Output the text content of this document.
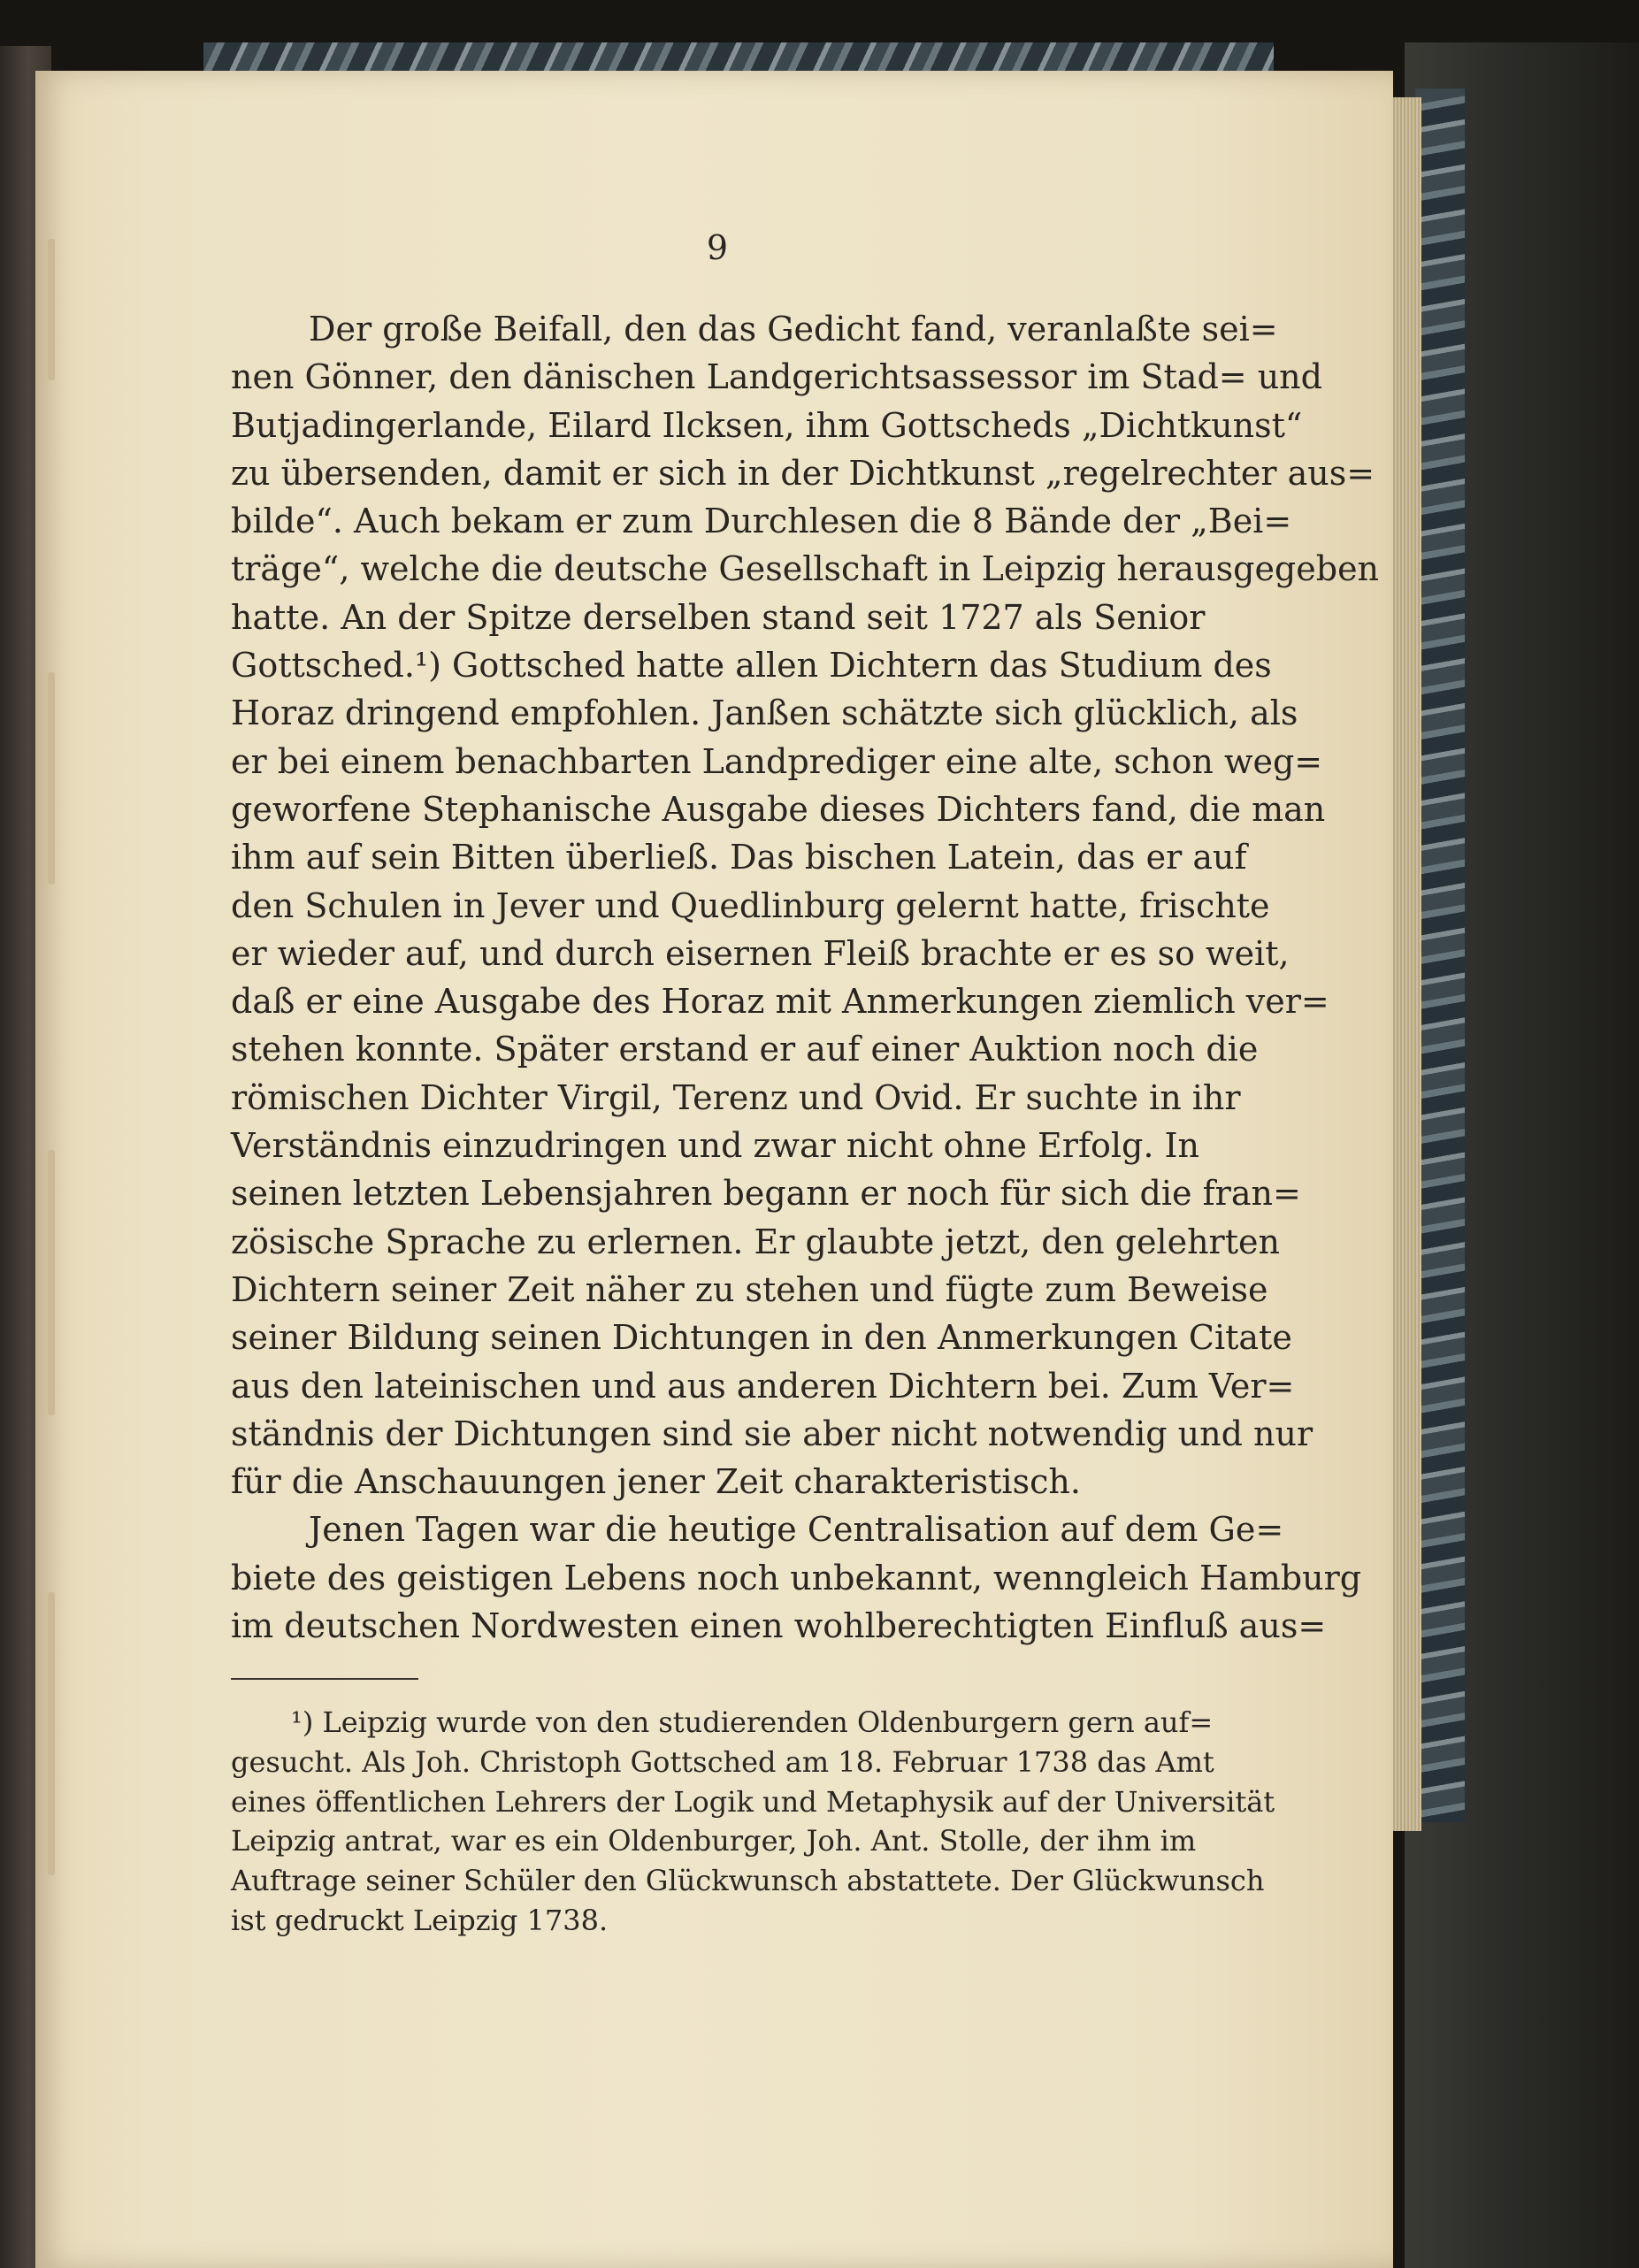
9
Der große Beifall, den das Gedicht fand, veranlaßte sei=
nen Gönner, den dänischen Landgerichtsassessor im Stad= und
Butjadingerlande, Eilard Ilcksen, ihm Gottscheds „Dichtkunst“
zu übersenden, damit er sich in der Dichtkunst „regelrechter aus=
bilde“. Auch bekam er zum Durchlesen die 8 Bände der „Bei=
träge“, welche die deutsche Gesellschaft in Leipzig herausgegeben
hatte. An der Spitze derselben stand seit 1727 als Senior
Gottsched.¹) Gottsched hatte allen Dichtern das Studium des
Horaz dringend empfohlen. Janßen schätzte sich glücklich, als
er bei einem benachbarten Landprediger eine alte, schon weg=
geworfene Stephanische Ausgabe dieses Dichters fand, die man
ihm auf sein Bitten überließ. Das bischen Latein, das er auf
den Schulen in Jever und Quedlinburg gelernt hatte, frischte
er wieder auf, und durch eisernen Fleiß brachte er es so weit,
daß er eine Ausgabe des Horaz mit Anmerkungen ziemlich ver=
stehen konnte. Später erstand er auf einer Auktion noch die
römischen Dichter Virgil, Terenz und Ovid. Er suchte in ihr
Verständnis einzudringen und zwar nicht ohne Erfolg. In
seinen letzten Lebensjahren begann er noch für sich die fran=
zösische Sprache zu erlernen. Er glaubte jetzt, den gelehrten
Dichtern seiner Zeit näher zu stehen und fügte zum Beweise
seiner Bildung seinen Dichtungen in den Anmerkungen Citate
aus den lateinischen und aus anderen Dichtern bei. Zum Ver=
ständnis der Dichtungen sind sie aber nicht notwendig und nur
für die Anschauungen jener Zeit charakteristisch.
Jenen Tagen war die heutige Centralisation auf dem Ge=
biete des geistigen Lebens noch unbekannt, wenngleich Hamburg
im deutschen Nordwesten einen wohlberechtigten Einfluß aus=
¹) Leipzig wurde von den studierenden Oldenburgern gern auf=
gesucht. Als Joh. Christoph Gottsched am 18. Februar 1738 das Amt
eines öffentlichen Lehrers der Logik und Metaphysik auf der Universität
Leipzig antrat, war es ein Oldenburger, Joh. Ant. Stolle, der ihm im
Auftrage seiner Schüler den Glückwunsch abstattete. Der Glückwunsch
ist gedruckt Leipzig 1738.
